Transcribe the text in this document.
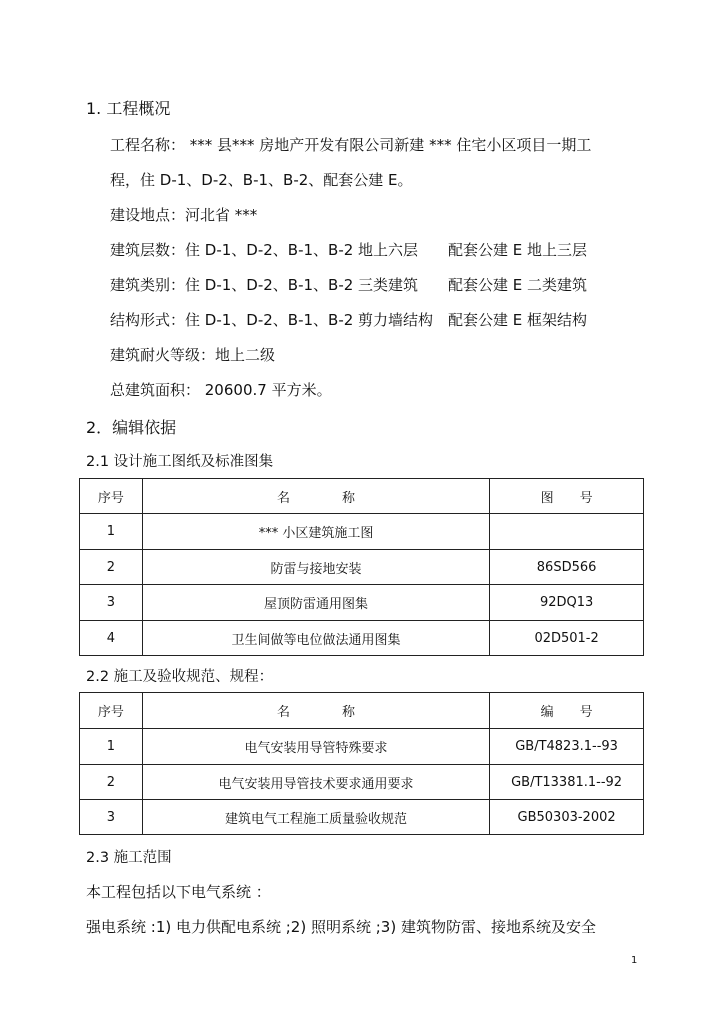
1. 工程概况
工程名称： *** 县*** 房地产开发有限公司新建 *** 住宅小区项目一期工
程，住 D-1、D-2、B-1、B-2、配套公建 E。
建设地点：河北省 ***
建筑层数：住 D-1、D-2、B-1、B-2 地上六层　　配套公建 E 地上三层
建筑类别：住 D-1、D-2、B-1、B-2 三类建筑　　配套公建 E 二类建筑
结构形式：住 D-1、D-2、B-1、B-2 剪力墙结构　配套公建 E 框架结构
建筑耐火等级：地上二级
总建筑面积： 20600.7 平方米。
2．编辑依据
2.1 设计施工图纸及标准图集
序号	名　　　　称	图　　号
1	*** 小区建筑施工图	
2	防雷与接地安装	86SD566
3	屋顶防雷通用图集	92DQ13
4	卫生间做等电位做法通用图集	02D501-2
2.2 施工及验收规范、规程：
序号	名　　　　称	编　　号
1	电气安装用导管特殊要求	GB/T4823.1--93
2	电气安装用导管技术要求通用要求	GB/T13381.1--92
3	建筑电气工程施工质量验收规范	GB50303-2002
2.3 施工范围
本工程包括以下电气系统 ：
强电系统 :1) 电力供配电系统 ;2) 照明系统 ;3) 建筑物防雷、接地系统及安全
1
